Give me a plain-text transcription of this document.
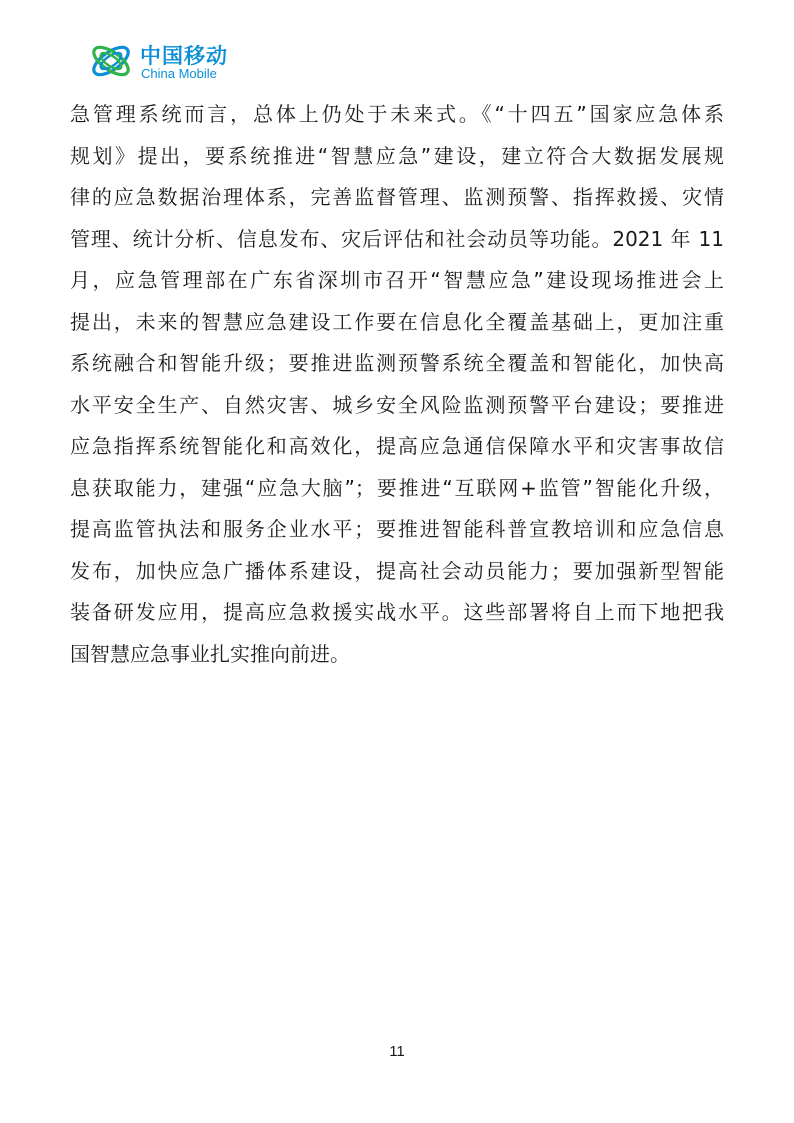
中国移动
China Mobile
急管理系统而言，总体上仍处于未来式。《“十四五”国家应急体系
规划》提出，要系统推进“智慧应急”建设，建立符合大数据发展规
律的应急数据治理体系，完善监督管理、监测预警、指挥救援、灾情
管理、统计分析、信息发布、灾后评估和社会动员等功能。2021 年 11
月，应急管理部在广东省深圳市召开“智慧应急”建设现场推进会上
提出，未来的智慧应急建设工作要在信息化全覆盖基础上，更加注重
系统融合和智能升级；要推进监测预警系统全覆盖和智能化，加快高
水平安全生产、自然灾害、城乡安全风险监测预警平台建设；要推进
应急指挥系统智能化和高效化，提高应急通信保障水平和灾害事故信
息获取能力，建强“应急大脑”；要推进“互联网+监管”智能化升级，
提高监管执法和服务企业水平；要推进智能科普宣教培训和应急信息
发布，加快应急广播体系建设，提高社会动员能力；要加强新型智能
装备研发应用，提高应急救援实战水平。这些部署将自上而下地把我
国智慧应急事业扎实推向前进。
11
